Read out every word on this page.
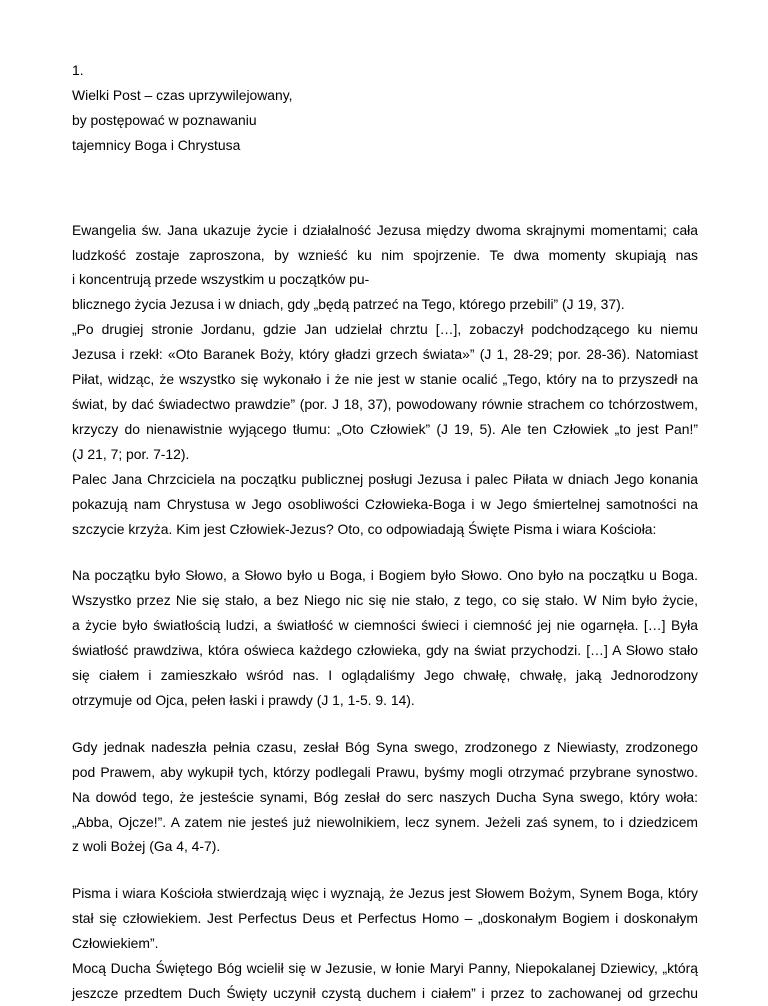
1.
Wielki Post – czas uprzywilejowany,
by postępować w poznawaniu
tajemnicy Boga i Chrystusa
Ewangelia św. Jana ukazuje życie i działalność Jezusa między dwoma skrajnymi momentami; cała
ludzkość zostaje zaproszona, by wznieść ku nim spojrzenie. Te dwa momenty skupiają nas
i koncentrują przede wszystkim u początków pu-
blicznego życia Jezusa i w dniach, gdy „będą patrzeć na Tego, którego przebili” (J 19, 37).
„Po drugiej stronie Jordanu, gdzie Jan udzielał chrztu […], zobaczył podchodzącego ku niemu
Jezusa i rzekł: «Oto Baranek Boży, który gładzi grzech świata»” (J 1, 28-29; por. 28-36). Natomiast
Piłat, widząc, że wszystko się wykonało i że nie jest w stanie ocalić „Tego, który na to przyszedł na
świat, by dać świadectwo prawdzie” (por. J 18, 37), powodowany równie strachem co tchórzostwem,
krzyczy do nienawistnie wyjącego tłumu: „Oto Człowiek” (J 19, 5). Ale ten Człowiek „to jest Pan!”
(J 21, 7; por. 7-12).
Palec Jana Chrzciciela na początku publicznej posługi Jezusa i palec Piłata w dniach Jego konania
pokazują nam Chrystusa w Jego osobliwości Człowieka-Boga i w Jego śmiertelnej samotności na
szczycie krzyża. Kim jest Człowiek-Jezus? Oto, co odpowiadają Święte Pisma i wiara Kościoła:
Na początku było Słowo, a Słowo było u Boga, i Bogiem było Słowo. Ono było na początku u Boga.
Wszystko przez Nie się stało, a bez Niego nic się nie stało, z tego, co się stało. W Nim było życie,
a życie było światłością ludzi, a światłość w ciemności świeci i ciemność jej nie ogarnęła. […] Była
światłość prawdziwa, która oświeca każdego człowieka, gdy na świat przychodzi. […] A Słowo stało
się ciałem i zamieszkało wśród nas. I oglądaliśmy Jego chwałę, chwałę, jaką Jednorodzony
otrzymuje od Ojca, pełen łaski i prawdy (J 1, 1-5. 9. 14).
Gdy jednak nadeszła pełnia czasu, zesłał Bóg Syna swego, zrodzonego z Niewiasty, zrodzonego
pod Prawem, aby wykupił tych, którzy podlegali Prawu, byśmy mogli otrzymać przybrane synostwo.
Na dowód tego, że jesteście synami, Bóg zesłał do serc naszych Ducha Syna swego, który woła:
„Abba, Ojcze!”. A zatem nie jesteś już niewolnikiem, lecz synem. Jeżeli zaś synem, to i dziedzicem
z woli Bożej (Ga 4, 4-7).
Pisma i wiara Kościoła stwierdzają więc i wyznają, że Jezus jest Słowem Bożym, Synem Boga, który
stał się człowiekiem. Jest Perfectus Deus et Perfectus Homo – „doskonałym Bogiem i doskonałym
Człowiekiem”.
Mocą Ducha Świętego Bóg wcielił się w Jezusie, w łonie Maryi Panny, Niepokalanej Dziewicy, „którą
jeszcze przedtem Duch Święty uczynił czystą duchem i ciałem” i przez to zachowanej od grzechu
